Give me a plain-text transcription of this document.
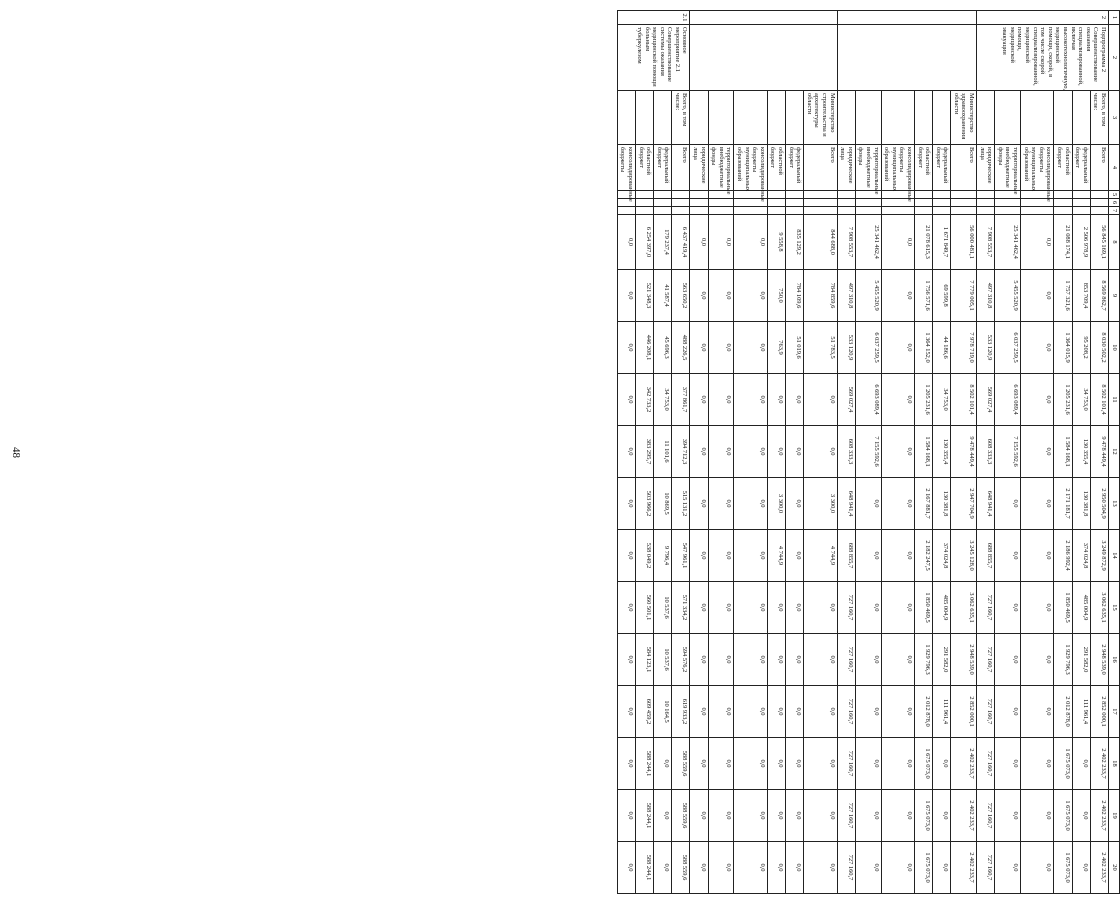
48
1	2	3	4	5	6	7	8	9	10	11	12	13	14	15	16	17	18	19	20
2	Подпрограмма 2 Совершенствование оказания специализированной, включая высокотехнологичную, медицинской помощи, скорой, в том числе скорой специализированной, медицинской помощи, медицинской эвакуации	Всего, в том числе:	Всего				56 845 169,1	8 569 862,7	8 030 502,2	8 502 101,4	9 478 449,4	2 950 504,9	3 249 872,9	3 062 635,1	2 948 539,0	2 852 000,1	2 402 233,7	2 402 233,7	2 402 233,7
			федеральный бюджет				2 506 978,9	853 709,4	95 208,2	34 753,0	130 355,4	130 381,8	374 024,8	485 004,9	291 582,0	111 961,4	0,0	0,0	0,0
			областной бюджет				21 088 174,1	1 757 321,6	1 364 015,9	1 205 231,6	1 584 168,1	2 171 181,7	2 186 992,4	1 850 469,5	1 929 796,3	2 012 878,0	1 675 073,0	1 675 073,0	1 675 073,0
			консолидированные бюджеты муниципальных образований				0,0	0,0	0,0	0,0	0,0	0,0	0,0	0,0	0,0	0,0	0,0	0,0	0,0
			территориальные внебюджетные фонды				25 341 462,4	5 455 520,9	6 037 259,5	6 693 089,4	7 155 592,6	0,0	0,0	0,0	0,0	0,0	0,0	0,0	0,0
			юридические лица				7 908 553,7	497 310,8	533 120,9	569 027,4	608 333,3	648 941,4	688 855,7	727 160,7	727 160,7	727 160,7	727 160,7	727 160,7	727 160,7
		Министерство здравоохранения области	Всего				56 000 481,1	7 779 005,1	7 978 719,0	8 502 101,4	9 478 449,4	2 947 704,9	3 245 128,0	3 062 635,1	2 948 539,0	2 852 000,1	2 402 233,7	2 402 233,7	2 402 233,7
			федеральный бюджет				1 671 849,7	69 599,8	44 186,6	34 753,0	130 355,4	130 381,8	374 024,8	485 004,9	291 582,0	111 961,4	0,0	0,0	0,0
			областной бюджет				21 078 615,3	1 756 571,6	1 364 152,0	1 205 231,6	1 584 168,1	2 167 881,7	2 182 247,5	1 850 469,5	1 929 796,3	2 012 878,0	1 675 073,0	1 675 073,0	1 675 073,0
			консолидированные бюджеты муниципальных образований				0,0	0,0	0,0	0,0	0,0	0,0	0,0	0,0	0,0	0,0	0,0	0,0	0,0
			территориальные внебюджетные фонды				25 341 462,4	5 455 520,9	6 037 259,5	6 693 089,4	7 155 592,6	0,0	0,0	0,0	0,0	0,0	0,0	0,0	0,0
			юридические лица				7 908 553,7	497 310,8	533 120,9	569 027,4	608 333,3	648 941,4	688 855,7	727 160,7	727 160,7	727 160,7	727 160,7	727 160,7	727 160,7
		Министерство строительства и архитектуры области	Всего				844 688,0	784 859,6	51 783,5	0,0	0,0	3 300,0	4 744,9	0,0	0,0	0,0	0,0	0,0	0,0
			федеральный бюджет				835 129,2	784 109,6	51 019,6	0,0	0,0	0,0	0,0	0,0	0,0	0,0	0,0	0,0	0,0
			областной бюджет				9 558,8	750,0	763,9	0,0	0,0	3 300,0	4 744,9	0,0	0,0	0,0	0,0	0,0	0,0
			консолидированные бюджеты муниципальных образований				0,0	0,0	0,0	0,0	0,0	0,0	0,0	0,0	0,0	0,0	0,0	0,0	0,0
			территориальные внебюджетные фонды				0,0	0,0	0,0	0,0	0,0	0,0	0,0	0,0	0,0	0,0	0,0	0,0	0,0
			юридические лица				0,0	0,0	0,0	0,0	0,0	0,0	0,0	0,0	0,0	0,0	0,0	0,0	0,0
2.1	Основное мероприятие 2.1 Совершенствование системы оказания медицинской помощи больным туберкулезом	Всего, в том числе:	Всего				6 437 419,4	563 650,2	488 226,5	377 861,7	394 712,3	515 131,2	547 961,1	571 334,2	594 576,2	619 933,2	588 559,6	588 559,6	588 559,6
			федеральный бюджет				179 237,4	41 587,4	45 696,3	34 753,0	11 101,6	10 869,5	9 796,4	10 537,6	10 537,6	10 164,5	0,0	0,0	0,0
			областной бюджет				6 254 397,0	521 348,3	446 208,1	342 733,2	383 295,7	503 966,2	538 049,2	560 501,1	584 123,1	609 459,2	588 244,1	588 244,1	588 244,1
			консолидированные бюджеты				0,0	0,0	0,0	0,0	0,0	0,0	0,0	0,0	0,0	0,0	0,0	0,0	0,0
